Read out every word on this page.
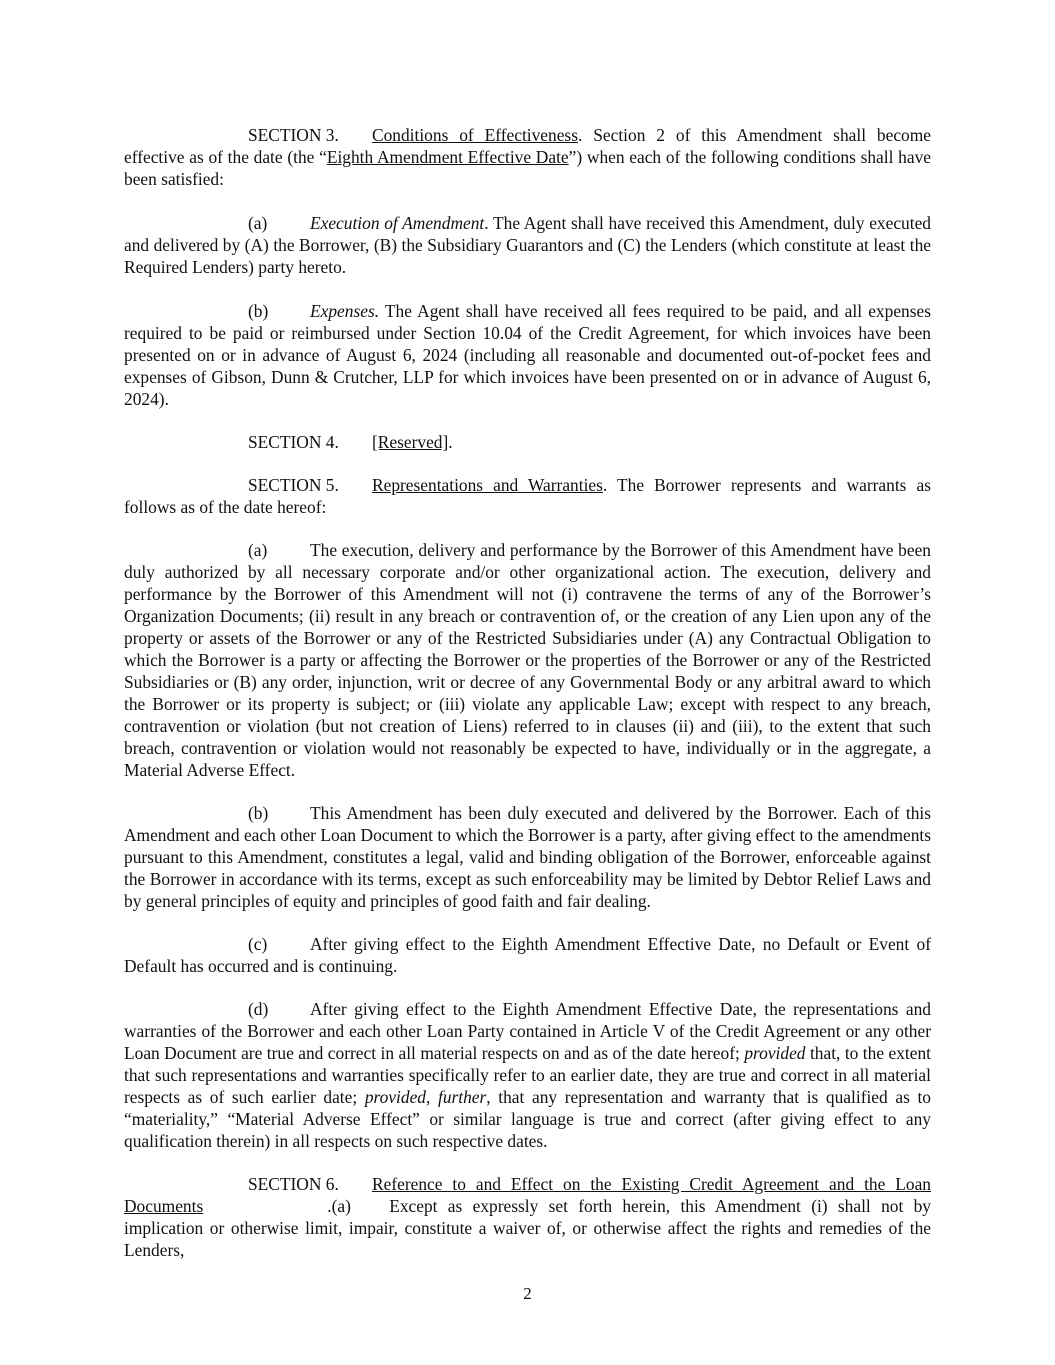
SECTION 3. Conditions of Effectiveness. Section 2 of this Amendment shall become effective as of the date (the “Eighth Amendment Effective Date”) when each of the following conditions shall have been satisfied:

(a) Execution of Amendment. The Agent shall have received this Amendment, duly executed and delivered by (A) the Borrower, (B) the Subsidiary Guarantors and (C) the Lenders (which constitute at least the Required Lenders) party hereto.

(b) Expenses. The Agent shall have received all fees required to be paid, and all expenses required to be paid or reimbursed under Section 10.04 of the Credit Agreement, for which invoices have been presented on or in advance of August 6, 2024 (including all reasonable and documented out-of-pocket fees and expenses of Gibson, Dunn & Crutcher, LLP for which invoices have been presented on or in advance of August 6, 2024).

SECTION 4. [Reserved].

SECTION 5. Representations and Warranties. The Borrower represents and warrants as follows as of the date hereof:

(a) The execution, delivery and performance by the Borrower of this Amendment have been duly authorized by all necessary corporate and/or other organizational action. The execution, delivery and performance by the Borrower of this Amendment will not (i) contravene the terms of any of the Borrower’s Organization Documents; (ii) result in any breach or contravention of, or the creation of any Lien upon any of the property or assets of the Borrower or any of the Restricted Subsidiaries under (A) any Contractual Obligation to which the Borrower is a party or affecting the Borrower or the properties of the Borrower or any of the Restricted Subsidiaries or (B) any order, injunction, writ or decree of any Governmental Body or any arbitral award to which the Borrower or its property is subject; or (iii) violate any applicable Law; except with respect to any breach, contravention or violation (but not creation of Liens) referred to in clauses (ii) and (iii), to the extent that such breach, contravention or violation would not reasonably be expected to have, individually or in the aggregate, a Material Adverse Effect.

(b) This Amendment has been duly executed and delivered by the Borrower. Each of this Amendment and each other Loan Document to which the Borrower is a party, after giving effect to the amendments pursuant to this Amendment, constitutes a legal, valid and binding obligation of the Borrower, enforceable against the Borrower in accordance with its terms, except as such enforceability may be limited by Debtor Relief Laws and by general principles of equity and principles of good faith and fair dealing.

(c) After giving effect to the Eighth Amendment Effective Date, no Default or Event of Default has occurred and is continuing.

(d) After giving effect to the Eighth Amendment Effective Date, the representations and warranties of the Borrower and each other Loan Party contained in Article V of the Credit Agreement or any other Loan Document are true and correct in all material respects on and as of the date hereof; provided that, to the extent that such representations and warranties specifically refer to an earlier date, they are true and correct in all material respects as of such earlier date; provided, further, that any representation and warranty that is qualified as to “materiality,” “Material Adverse Effect” or similar language is true and correct (after giving effect to any qualification therein) in all respects on such respective dates.

SECTION 6. Reference to and Effect on the Existing Credit Agreement and the Loan Documents	.(a) Except as expressly set forth herein, this Amendment (i) shall not by implication or otherwise limit, impair, constitute a waiver of, or otherwise affect the rights and remedies of the Lenders,

2
